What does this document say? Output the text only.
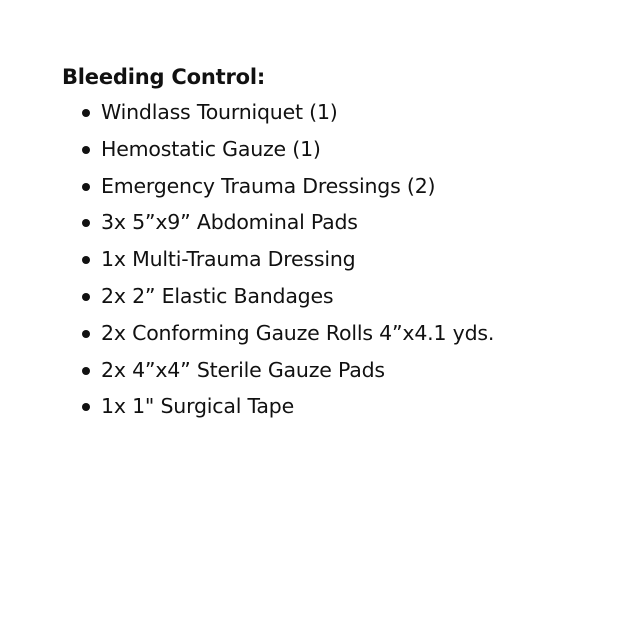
Bleeding Control:
Windlass Tourniquet (1)
Hemostatic Gauze (1)
Emergency Trauma Dressings (2)
3x 5”x9” Abdominal Pads
1x Multi-Trauma Dressing
2x 2” Elastic Bandages
2x Conforming Gauze Rolls 4”x4.1 yds.
2x 4”x4” Sterile Gauze Pads
1x 1" Surgical Tape
